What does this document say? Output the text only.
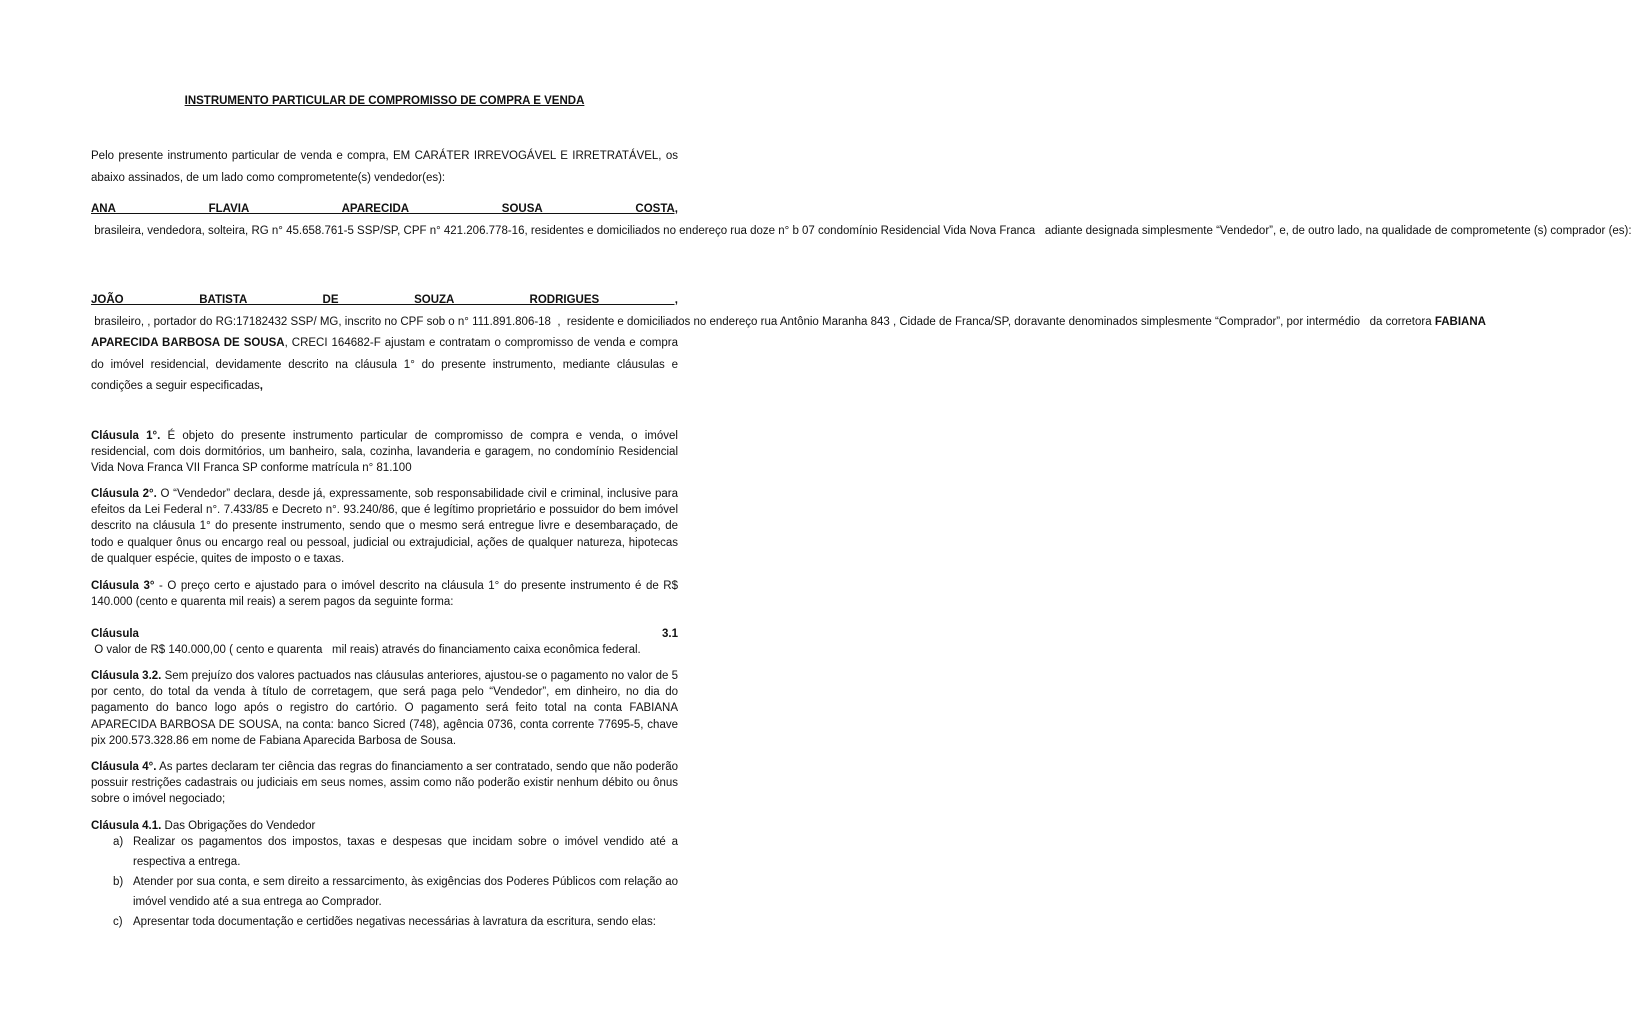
INSTRUMENTO PARTICULAR DE COMPROMISSO DE COMPRA E VENDA

Pelo presente instrumento particular de venda e compra, EM CARÁTER IRREVOGÁVEL E IRRETRATÁVEL, os abaixo assinados, de um lado como comprometente(s) vendedor(es):

ANA FLAVIA APARECIDA SOUSA COSTA, brasileira, vendedora, solteira, RG n° 45.658.761-5 SSP/SP, CPF n° 421.206.778-16, residentes e domiciliados no endereço rua doze n° b 07 condomínio Residencial Vida Nova Franca   adiante designada simplesmente “Vendedor”, e, de outro lado, na qualidade de comprometente (s) comprador (es):

JOÃO BATISTA DE SOUZA RODRIGUES , brasileiro, , portador do RG:17182432 SSP/ MG, inscrito no CPF sob o n° 111.891.806-18  ,  residente e domiciliados no endereço rua Antônio Maranha 843 , Cidade de Franca/SP, doravante denominados simplesmente “Comprador”, por intermédio   da corretora FABIANA APARECIDA BARBOSA DE SOUSA, CRECI 164682-F ajustam e contratam o compromisso de venda e compra do imóvel residencial, devidamente descrito na cláusula 1° do presente instrumento, mediante cláusulas e condições a seguir especificadas,

Cláusula 1°. É objeto do presente instrumento particular de compromisso de compra e venda, o imóvel residencial, com dois dormitórios, um banheiro, sala, cozinha, lavanderia e garagem, no condomínio Residencial Vida Nova Franca VII Franca SP conforme matrícula n° 81.100

Cláusula 2°. O “Vendedor” declara, desde já, expressamente, sob responsabilidade civil e criminal, inclusive para efeitos da Lei Federal n°. 7.433/85 e Decreto n°. 93.240/86, que é legítimo proprietário e possuidor do bem imóvel descrito na cláusula 1° do presente instrumento, sendo que o mesmo será entregue livre e desembaraçado, de todo e qualquer ônus ou encargo real ou pessoal, judicial ou extrajudicial, ações de qualquer natureza, hipotecas de qualquer espécie, quites de imposto o e taxas.

Cláusula 3° - O preço certo e ajustado para o imóvel descrito na cláusula 1° do presente instrumento é de R$ 140.000 (cento e quarenta mil reais) a serem pagos da seguinte forma:

Cláusula 3.1 O valor de R$ 140.000,00 ( cento e quarenta   mil reais) através do financiamento caixa econômica federal.

Cláusula 3.2. Sem prejuízo dos valores pactuados nas cláusulas anteriores, ajustou-se o pagamento no valor de 5 por cento, do total da venda à título de corretagem, que será paga pelo “Vendedor”, em dinheiro, no dia do pagamento do banco logo após o registro do cartório. O pagamento será feito total na conta FABIANA APARECIDA BARBOSA DE SOUSA, na conta: banco Sicred (748), agência 0736, conta corrente 77695-5, chave pix 200.573.328.86 em nome de Fabiana Aparecida Barbosa de Sousa.

Cláusula 4°. As partes declaram ter ciência das regras do financiamento a ser contratado, sendo que não poderão possuir restrições cadastrais ou judiciais em seus nomes, assim como não poderão existir nenhum débito ou ônus sobre o imóvel negociado;

Cláusula 4.1. Das Obrigações do Vendedor

a) Realizar os pagamentos dos impostos, taxas e despesas que incidam sobre o imóvel vendido até a respectiva a entrega.
b) Atender por sua conta, e sem direito a ressarcimento, às exigências dos Poderes Públicos com relação ao imóvel vendido até a sua entrega ao Comprador.
c) Apresentar toda documentação e certidões negativas necessárias à lavratura da escritura, sendo elas:
